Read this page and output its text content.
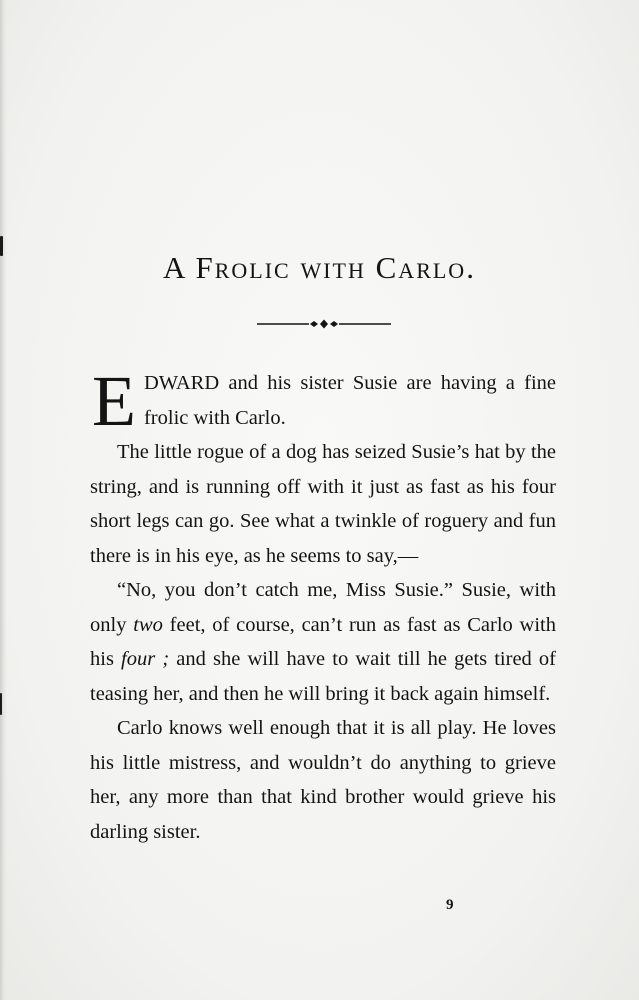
A Frolic with Carlo.

EDWARD and his sister Susie are having a fine frolic with Carlo.

The little rogue of a dog has seized Susie’s hat by the string, and is running off with it just as fast as his four short legs can go. See what a twinkle of roguery and fun there is in his eye, as he seems to say,—

“No, you don’t catch me, Miss Susie.” Susie, with only two feet, of course, can’t run as fast as Carlo with his four ; and she will have to wait till he gets tired of teasing her, and then he will bring it back again himself.

Carlo knows well enough that it is all play. He loves his little mistress, and wouldn’t do anything to grieve her, any more than that kind brother would grieve his darling sister.

9
